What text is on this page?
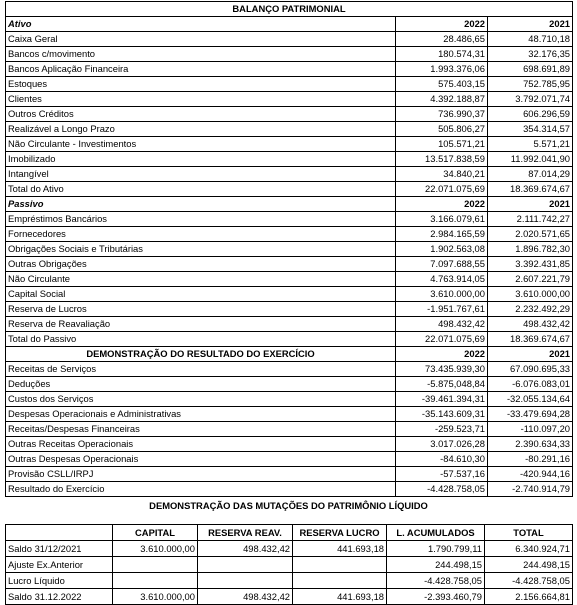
BALANÇO PATRIMONIAL		
Ativo	2022	2021
Caixa Geral	28.486,65	48.710,18
Bancos c/movimento	180.574,31	32.176,35
Bancos Aplicação Financeira	1.993.376,06	698.691,89
Estoques	575.403,15	752.785,95
Clientes	4.392.188,87	3.792.071,74
Outros Créditos	736.990,37	606.296,59
Realizável a Longo Prazo	505.806,27	354.314,57
Não Circulante - Investimentos	105.571,21	5.571,21
Imobilizado	13.517.838,59	11.992.041,90
Intangível	34.840,21	87.014,29
Total do Ativo	22.071.075,69	18.369.674,67
Passivo	2022	2021
Empréstimos Bancários	3.166.079,61	2.111.742,27
Fornecedores	2.984.165,59	2.020.571,65
Obrigações Sociais e Tributárias	1.902.563,08	1.896.782,30
Outras Obrigações	7.097.688,55	3.392.431,85
Não Circulante	4.763.914,05	2.607.221,79
Capital Social	3.610.000,00	3.610.000,00
Reserva de Lucros	-1.951.767,61	2.232.492,29
Reserva de Reavaliação	498.432,42	498.432,42
Total do Passivo	22.071.075,69	18.369.674,67
DEMONSTRAÇÃO DO RESULTADO DO EXERCÍCIO	2022	2021
Receitas de Serviços	73.435.939,30	67.090.695,33
Deduções	-5.875,048,84	-6.076.083,01
Custos dos Serviços	-39.461.394,31	-32.055.134,64
Despesas Operacionais e Administrativas	-35.143.609,31	-33.479.694,28
Receitas/Despesas Financeiras	-259.523,71	-110.097,20
Outras Receitas Operacionais	3.017.026,28	2.390.634,33
Outras Despesas Operacionais	-84.610,30	-80.291,16
Provisão CSLL/IRPJ	-57.537,16	-420.944,16
Resultado do Exercício	-4.428.758,05	-2.740.914,79
DEMONSTRAÇÃO DAS MUTAÇÕES DO PATRIMÔNIO LÍQUIDO
	CAPITAL	RESERVA REAV.	RESERVA LUCRO	L. ACUMULADOS	TOTAL
Saldo 31/12/2021	3.610.000,00	498.432,42	441.693,18	1.790.799,11	6.340.924,71
Ajuste Ex.Anterior				244.498,15	244.498,15
Lucro Líquido				-4.428.758,05	-4.428.758,05
Saldo 31.12.2022	3.610.000,00	498.432,42	441.693,18	-2.393.460,79	2.156.664,81
